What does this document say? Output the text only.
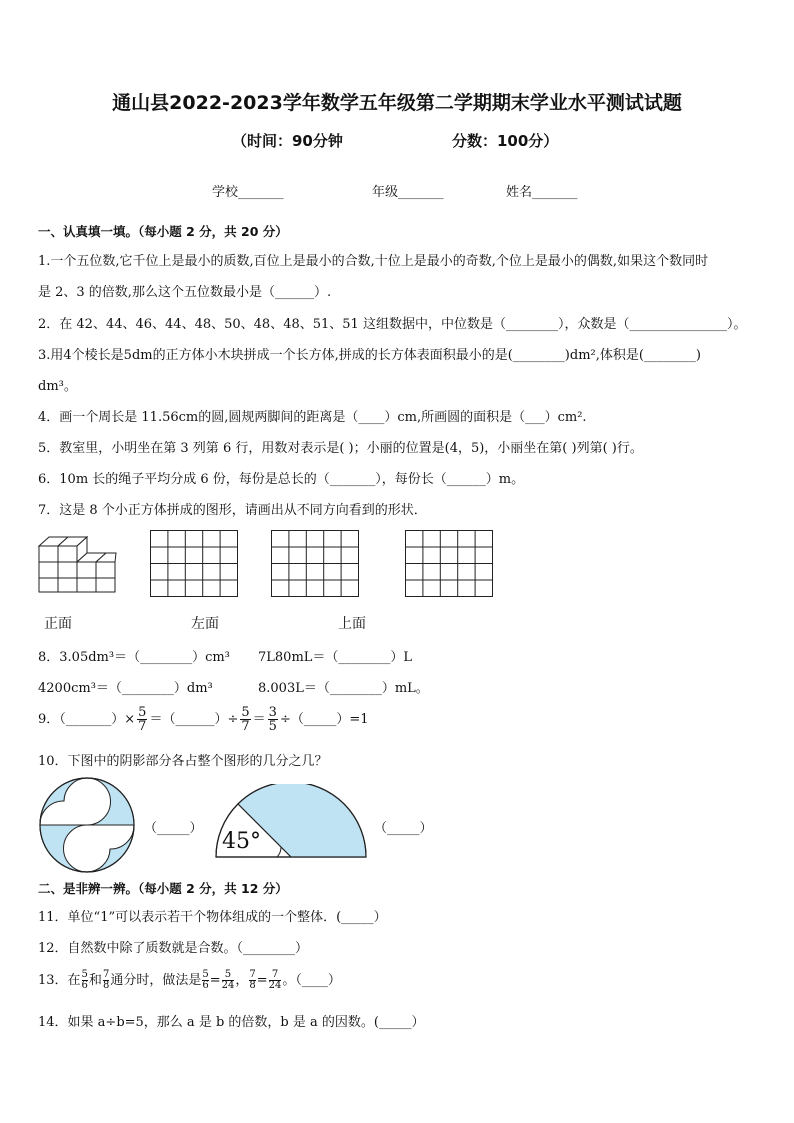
通山县2022-2023学年数学五年级第二学期期末学业水平测试试题
（时间：90分钟	分数：100分）
学校_______	年级_______	姓名_______
一、认真填一填。（每小题 2 分，共 20 分）
1.一个五位数,它千位上是最小的质数,百位上是最小的合数,十位上是最小的奇数,个位上是最小的偶数,如果这个数同时
是 2、3 的倍数,那么这个五位数最小是（______）.
2．在 42、44、46、44、48、50、48、48、51、51 这组数据中，中位数是（________），众数是（_______________）。
3.用4个棱长是5dm的正方体小木块拼成一个长方体,拼成的长方体表面积最小的是(________)dm²,体积是(________)
dm³。
4．画一个周长是 11.56cm的圆,圆规两脚间的距离是（____）cm,所画圆的面积是（___）cm².
5．教室里，小明坐在第 3 列第 6 行，用数对表示是( )；小丽的位置是(4，5)，小丽坐在第( )列第( )行。
6．10m 长的绳子平均分成 6 份，每份是总长的（_______），每份长（______）m。
7．这是 8 个小正方体拼成的图形，请画出从不同方向看到的形状．
正面	左面	上面
8．3.05dm³＝（________）cm³ 7L80mL＝（________）L
4200cm³＝（________）dm³	8.003L＝（________）mL。
9．（_______）× $\frac{5}{7}$ ＝（______）÷ $\frac{5}{7} = \frac{3}{5}$ ÷（_____）=1
10．下图中的阴影部分各占整个图形的几分之几？
（_____）
45°
（_____）
二、是非辨一辨。（每小题 2 分，共 12 分）
11．单位“1”可以表示若干个物体组成的一个整体．(_____）
12．自然数中除了质数就是合数。（________）
13．在 $\frac{5}{6}$ 和 $\frac{7}{8}$ 通分时，做法是 $\frac{5}{6} = \frac{5}{24}$ ， $\frac{7}{8} = \frac{7}{24}$ 。（____）
14．如果 a÷b=5，那么 a 是 b 的倍数，b 是 a 的因数。(_____）
